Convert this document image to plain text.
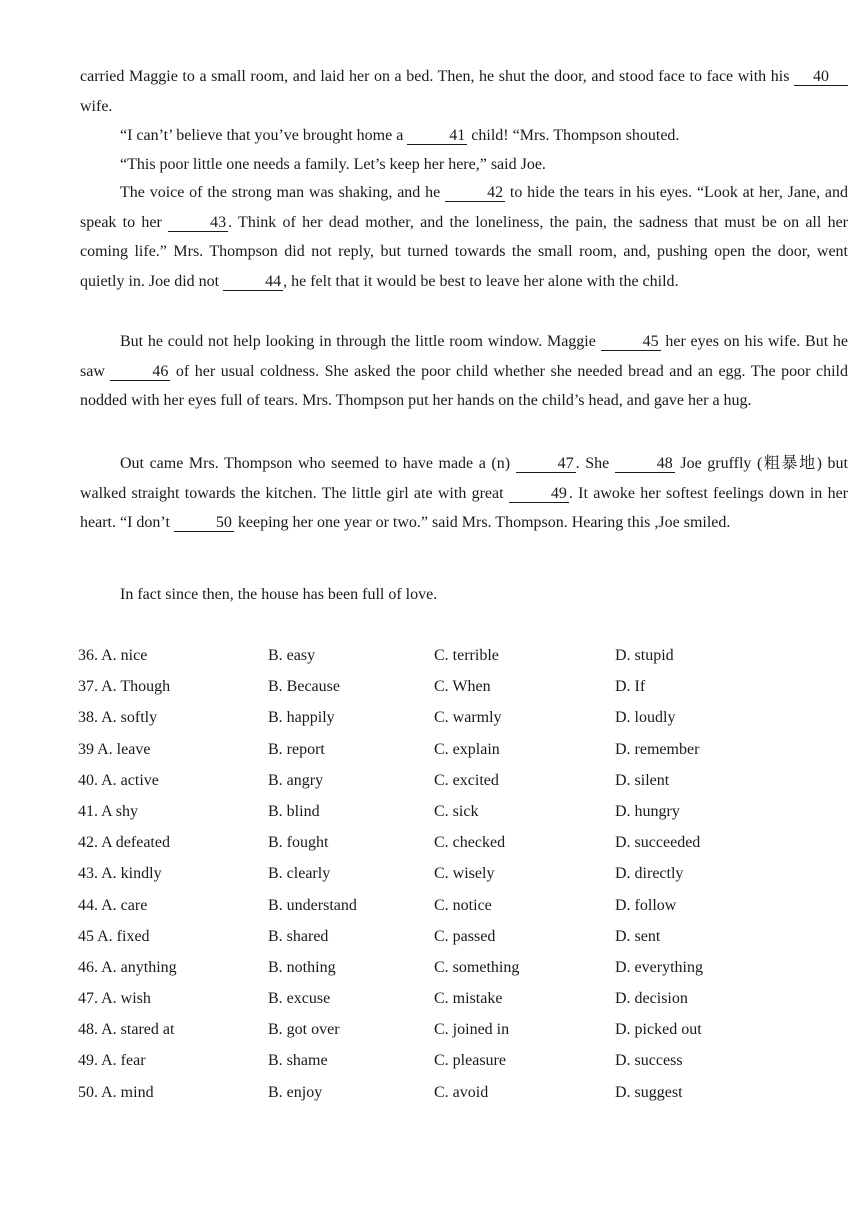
carried Maggie to a small room, and laid her on a bed. Then, he shut the door, and stood face to face with his 40 wife.

“I can’t’ believe that you’ve brought home a	41 child! “Mrs. Thompson shouted.

“This poor little one needs a family. Let’s keep her here,” said Joe.

The voice of the strong man was shaking, and he	42 to hide the tears in his eyes. “Look at her, Jane, and speak to her	43 . Think of her dead mother, and the loneliness, the pain, the sadness that must be on all her coming life.” Mrs. Thompson did not reply, but turned towards the small room, and, pushing open the door, went quietly in. Joe did not	44 , he felt that it would be best to leave her alone with the child.

But he could not help looking in through the little room window. Maggie	45 her eyes on his wife. But he saw	46 of her usual coldness. She asked the poor child whether she needed bread and an egg. The poor child nodded with her eyes full of tears. Mrs. Thompson put her hands on the child’s head, and gave her a hug.

Out came Mrs. Thompson who seemed to have made a (n)	47 . She	48 Joe gruffly (粗暴地) but walked straight towards the kitchen. The little girl ate with great	49 . It awoke her softest feelings down in her heart. “I don’t	50 keeping her one year or two.” said Mrs. Thompson. Hearing this ,Joe smiled.

In fact since then, the house has been full of love.

36. A. nice	B. easy	C. terrible	D. stupid
37. A. Though	B. Because	C. When	D. If
38. A. softly	B. happily	C. warmly	D. loudly
39 A. leave	B. report	C. explain	D. remember
40. A. active	B. angry	C. excited	D. silent
41. A shy	B. blind	C. sick	D. hungry
42. A defeated	B. fought	C. checked	D. succeeded
43. A. kindly	B. clearly	C. wisely	D. directly
44. A. care	B. understand	C. notice	D. follow
45 A. fixed	B. shared	C. passed	D. sent
46. A. anything	B. nothing	C. something	D. everything
47. A. wish	B. excuse	C. mistake	D. decision
48. A. stared at	B. got over	C. joined in	D. picked out
49. A. fear	B. shame	C. pleasure	D. success
50. A. mind	B. enjoy	C. avoid	D. suggest
